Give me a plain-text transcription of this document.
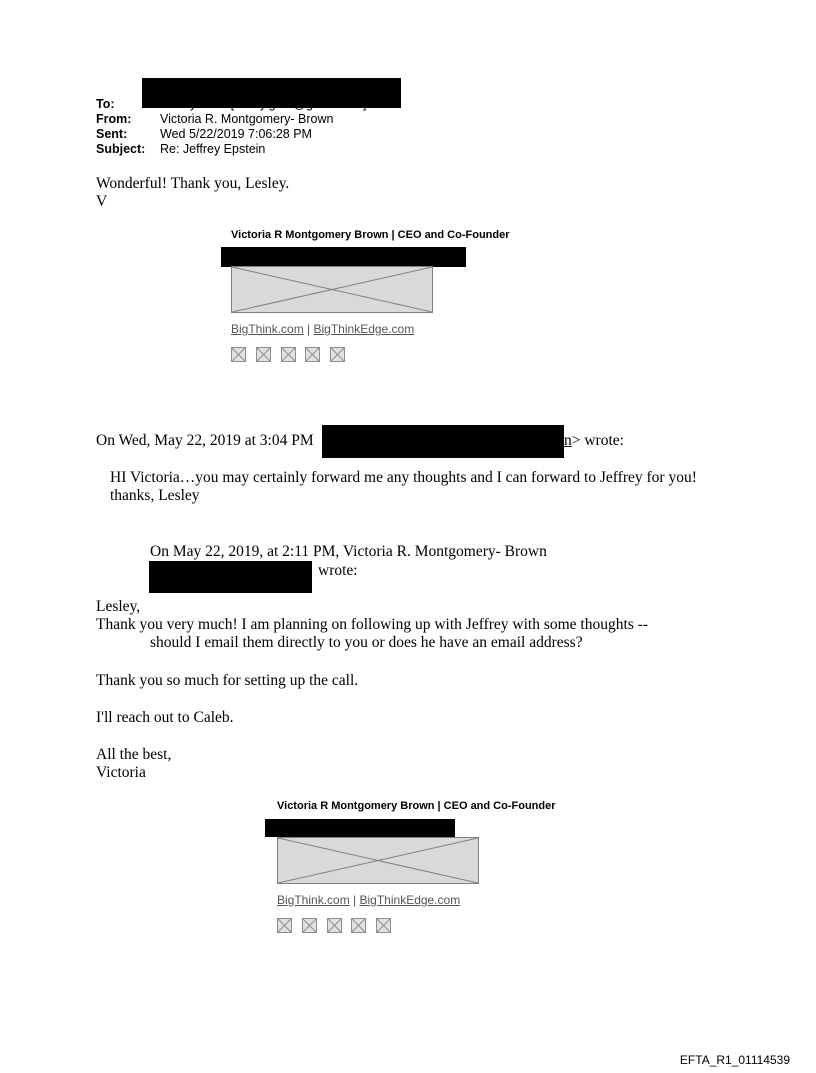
To:
From: Victoria R. Montgomery- Brown
Sent:	Wed 5/22/2019 7:06:28 PM
Subject: Re: Jeffrey Epstein
Wonderful! Thank you, Lesley.
V
Victoria R Montgomery Brown | CEO and Co-Founder
BigThink.com | BigThinkEdge.com
On Wed, May 22, 2019 at 3:04 PM	n> wrote:
HI Victoria…you may certainly forward me any thoughts and I can forward to Jeffrey for you!
thanks, Lesley
On May 22, 2019, at 2:11 PM, Victoria R. Montgomery- Brown
wrote:
Lesley,
Thank you very much! I am planning on following up with Jeffrey with some thoughts --
should I email them directly to you or does he have an email address?
Thank you so much for setting up the call.
I'll reach out to Caleb.
All the best,
Victoria
Victoria R Montgomery Brown | CEO and Co-Founder
BigThink.com | BigThinkEdge.com
EFTA_R1_01114539
